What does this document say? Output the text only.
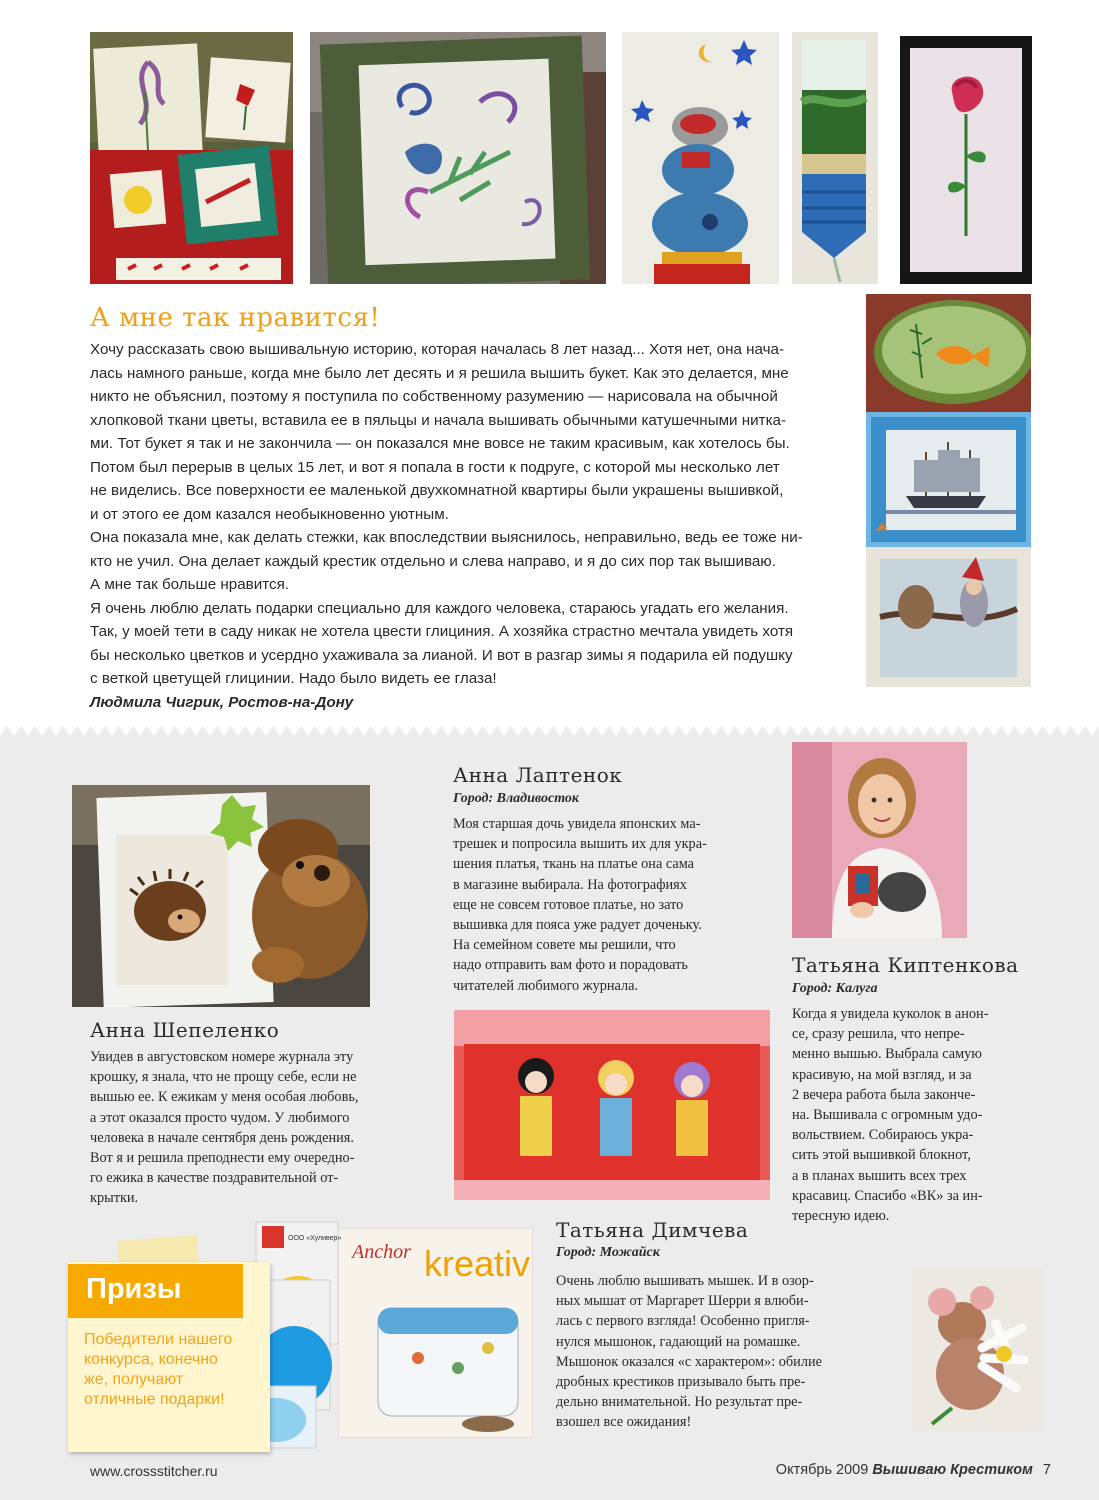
А мне так нравится!

Хочу рассказать свою вышивальную историю, которая началась 8 лет назад... Хотя нет, она нача-

лась намного раньше, когда мне было лет десять и я решила вышить букет. Как это делается, мне

никто не объяснил, поэтому я поступила по собственному разумению — нарисовала на обычной

хлопковой ткани цветы, вставила ее в пяльцы и начала вышивать обычными катушечными нитка-

ми. Тот букет я так и не закончила — он показался мне вовсе не таким красивым, как хотелось бы.

Потом был перерыв в целых 15 лет, и вот я попала в гости к подруге, с которой мы несколько лет

не виделись. Все поверхности ее маленькой двухкомнатной квартиры были украшены вышивкой,

и от этого ее дом казался необыкновенно уютным.

Она показала мне, как делать стежки, как впоследствии выяснилось, неправильно, ведь ее тоже ни-

кто не учил. Она делает каждый крестик отдельно и слева направо, и я до сих пор так вышиваю.

А мне так больше нравится.

Я очень люблю делать подарки специально для каждого человека, стараюсь угадать его желания.

Так, у моей тети в саду никак не хотела цвести глициния. А хозяйка страстно мечтала увидеть хотя

бы несколько цветков и усердно ухаживала за лианой. И вот в разгар зимы я подарила ей подушку

с веткой цветущей глицинии. Надо было видеть ее глаза!

Людмила Чигрик, Ростов-на-Дону

Anchor kreativ
ООО «Хуливер»
Призы
Победители нашего
конкурса, конечно
же, получают
отличные подарки!
Анна Лаптенок
Город: Владивосток
Моя старшая дочь увидела японских ма-
трешек и попросила вышить их для укра-
шения платья, ткань на платье она сама
в магазине выбирала. На фотографиях
еще не совсем готовое платье, но зато
вышивка для пояса уже радует доченьку.
На семейном совете мы решили, что
надо отправить вам фото и порадовать
читателей любимого журнала.
Анна Шепеленко
Увидев в августовском номере журнала эту
крошку, я знала, что не прощу себе, если не
вышью ее. К ежикам у меня особая любовь,
а этот оказался просто чудом. У любимого
человека в начале сентября день рождения.
Вот я и решила преподнести ему очередно-
го ежика в качестве поздравительной от-
крытки.
Татьяна Киптенкова
Город: Калуга
Когда я увидела куколок в анон-
се, сразу решила, что непре-
менно вышью. Выбрала самую
красивую, на мой взгляд, и за
2 вечера работа была закончe-
на. Вышивала с огромным удо-
вольствием. Собираюсь укра-
сить этой вышивкой блокнот,
а в планах вышить всех трех
красавиц. Спасибо «ВК» за ин-
тересную идею.
Татьяна Димчева
Город: Можайск
Очень люблю вышивать мышек. И в озор-
ных мышат от Маргарет Шерри я влюби-
лась с первого взгляда! Особенно пригля-
нулся мышонок, гадающий на ромашке.
Мышонок оказался «с характером»: обилие
дробных крестиков призывало быть пре-
дельно внимательной. Но результат пре-
взошел все ожидания!
www.crossstitcher.ru	Октябрь 2009 Вышиваю Крестиком 7
